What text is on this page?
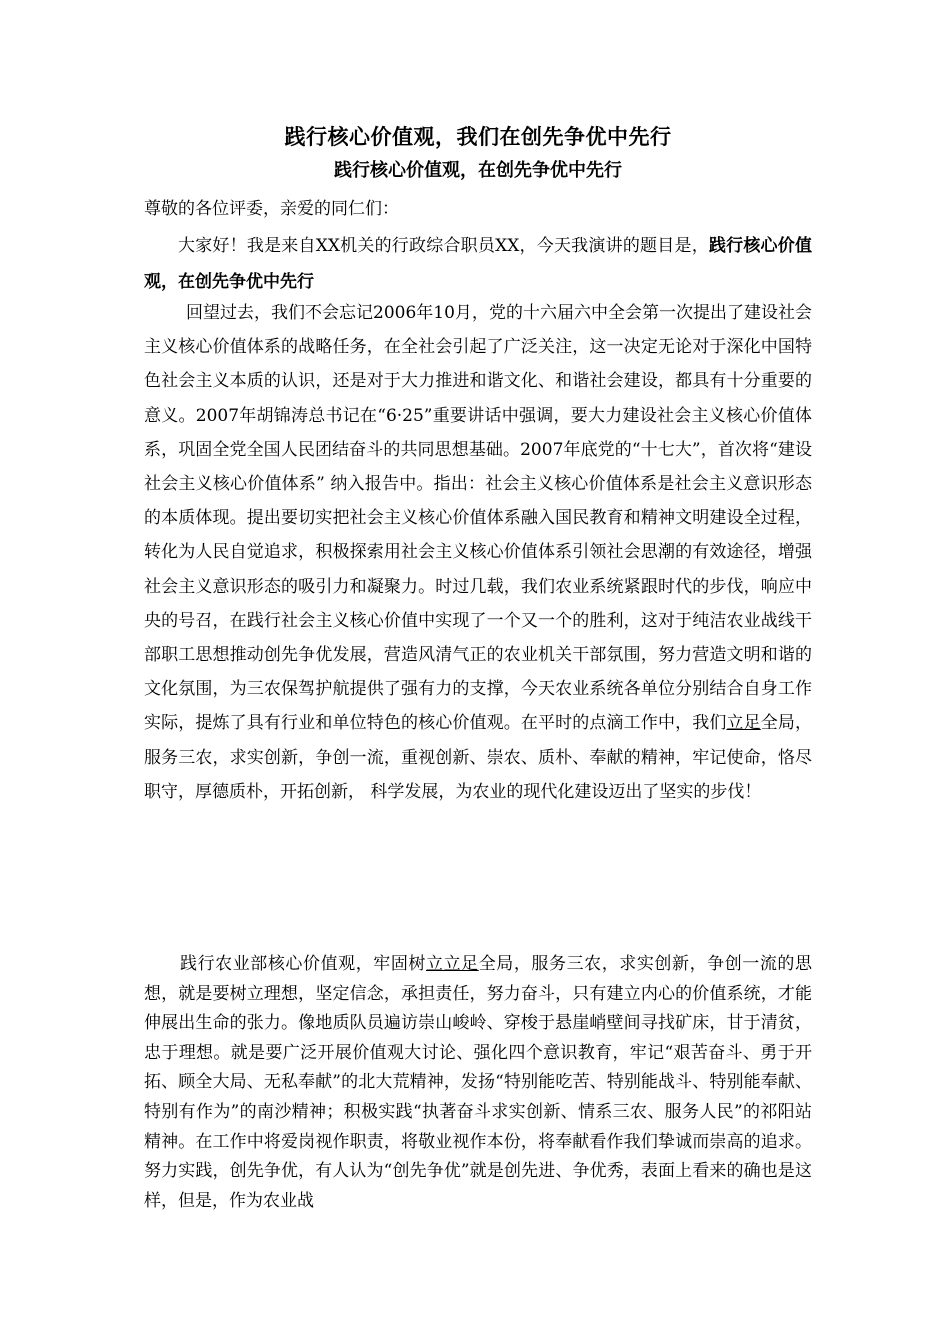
践行核心价值观，我们在创先争优中先行
践行核心价值观，在创先争优中先行
尊敬的各位评委，亲爱的同仁们：

大家好！我是来自XX机关的行政综合职员XX，今天我演讲的题目是，践行核心价值观，在创先争优中先行

回望过去，我们不会忘记2006年10月，党的十六届六中全会第一次提出了建设社会主义核心价值体系的战略任务，在全社会引起了广泛关注，这一决定无论对于深化中国特色社会主义本质的认识，还是对于大力推进和谐文化、和谐社会建设，都具有十分重要的意义。2007年胡锦涛总书记在“6·25”重要讲话中强调，要大力建设社会主义核心价值体系，巩固全党全国人民团结奋斗的共同思想基础。2007年底党的“十七大”，首次将“建设社会主义核心价值体系” 纳入报告中。指出：社会主义核心价值体系是社会主义意识形态的本质体现。提出要切实把社会主义核心价值体系融入国民教育和精神文明建设全过程，转化为人民自觉追求，积极探索用社会主义核心价值体系引领社会思潮的有效途径，增强社会主义意识形态的吸引力和凝聚力。时过几载，我们农业系统紧跟时代的步伐，响应中央的号召，在践行社会主义核心价值中实现了一个又一个的胜利，这对于纯洁农业战线干部职工思想推动创先争优发展，营造风清气正的农业机关干部氛围，努力营造文明和谐的文化氛围，为三农保驾护航提供了强有力的支撑，今天农业系统各单位分别结合自身工作实际，提炼了具有行业和单位特色的核心价值观。在平时的点滴工作中，我们立足全局，服务三农，求实创新，争创一流，重视创新、崇农、质朴、奉献的精神，牢记使命，恪尽职守，厚德质朴，开拓创新， 科学发展，为农业的现代化建设迈出了坚实的步伐！

践行农业部核心价值观，牢固树立立足全局，服务三农，求实创新，争创一流的思想，就是要树立理想，坚定信念，承担责任，努力奋斗，只有建立内心的价值系统，才能伸展出生命的张力。像地质队员遍访崇山峻岭、穿梭于悬崖峭壁间寻找矿床，甘于清贫，忠于理想。就是要广泛开展价值观大讨论、强化四个意识教育，牢记“艰苦奋斗、勇于开拓、顾全大局、无私奉献”的北大荒精神，发扬“特别能吃苦、特别能战斗、特别能奉献、特别有作为”的南沙精神；积极实践“执著奋斗求实创新、情系三农、服务人民”的祁阳站精神。在工作中将爱岗视作职责，将敬业视作本份，将奉献看作我们挚诚而崇高的追求。努力实践，创先争优，有人认为“创先争优”就是创先进、争优秀，表面上看来的确也是这样，但是，作为农业战
